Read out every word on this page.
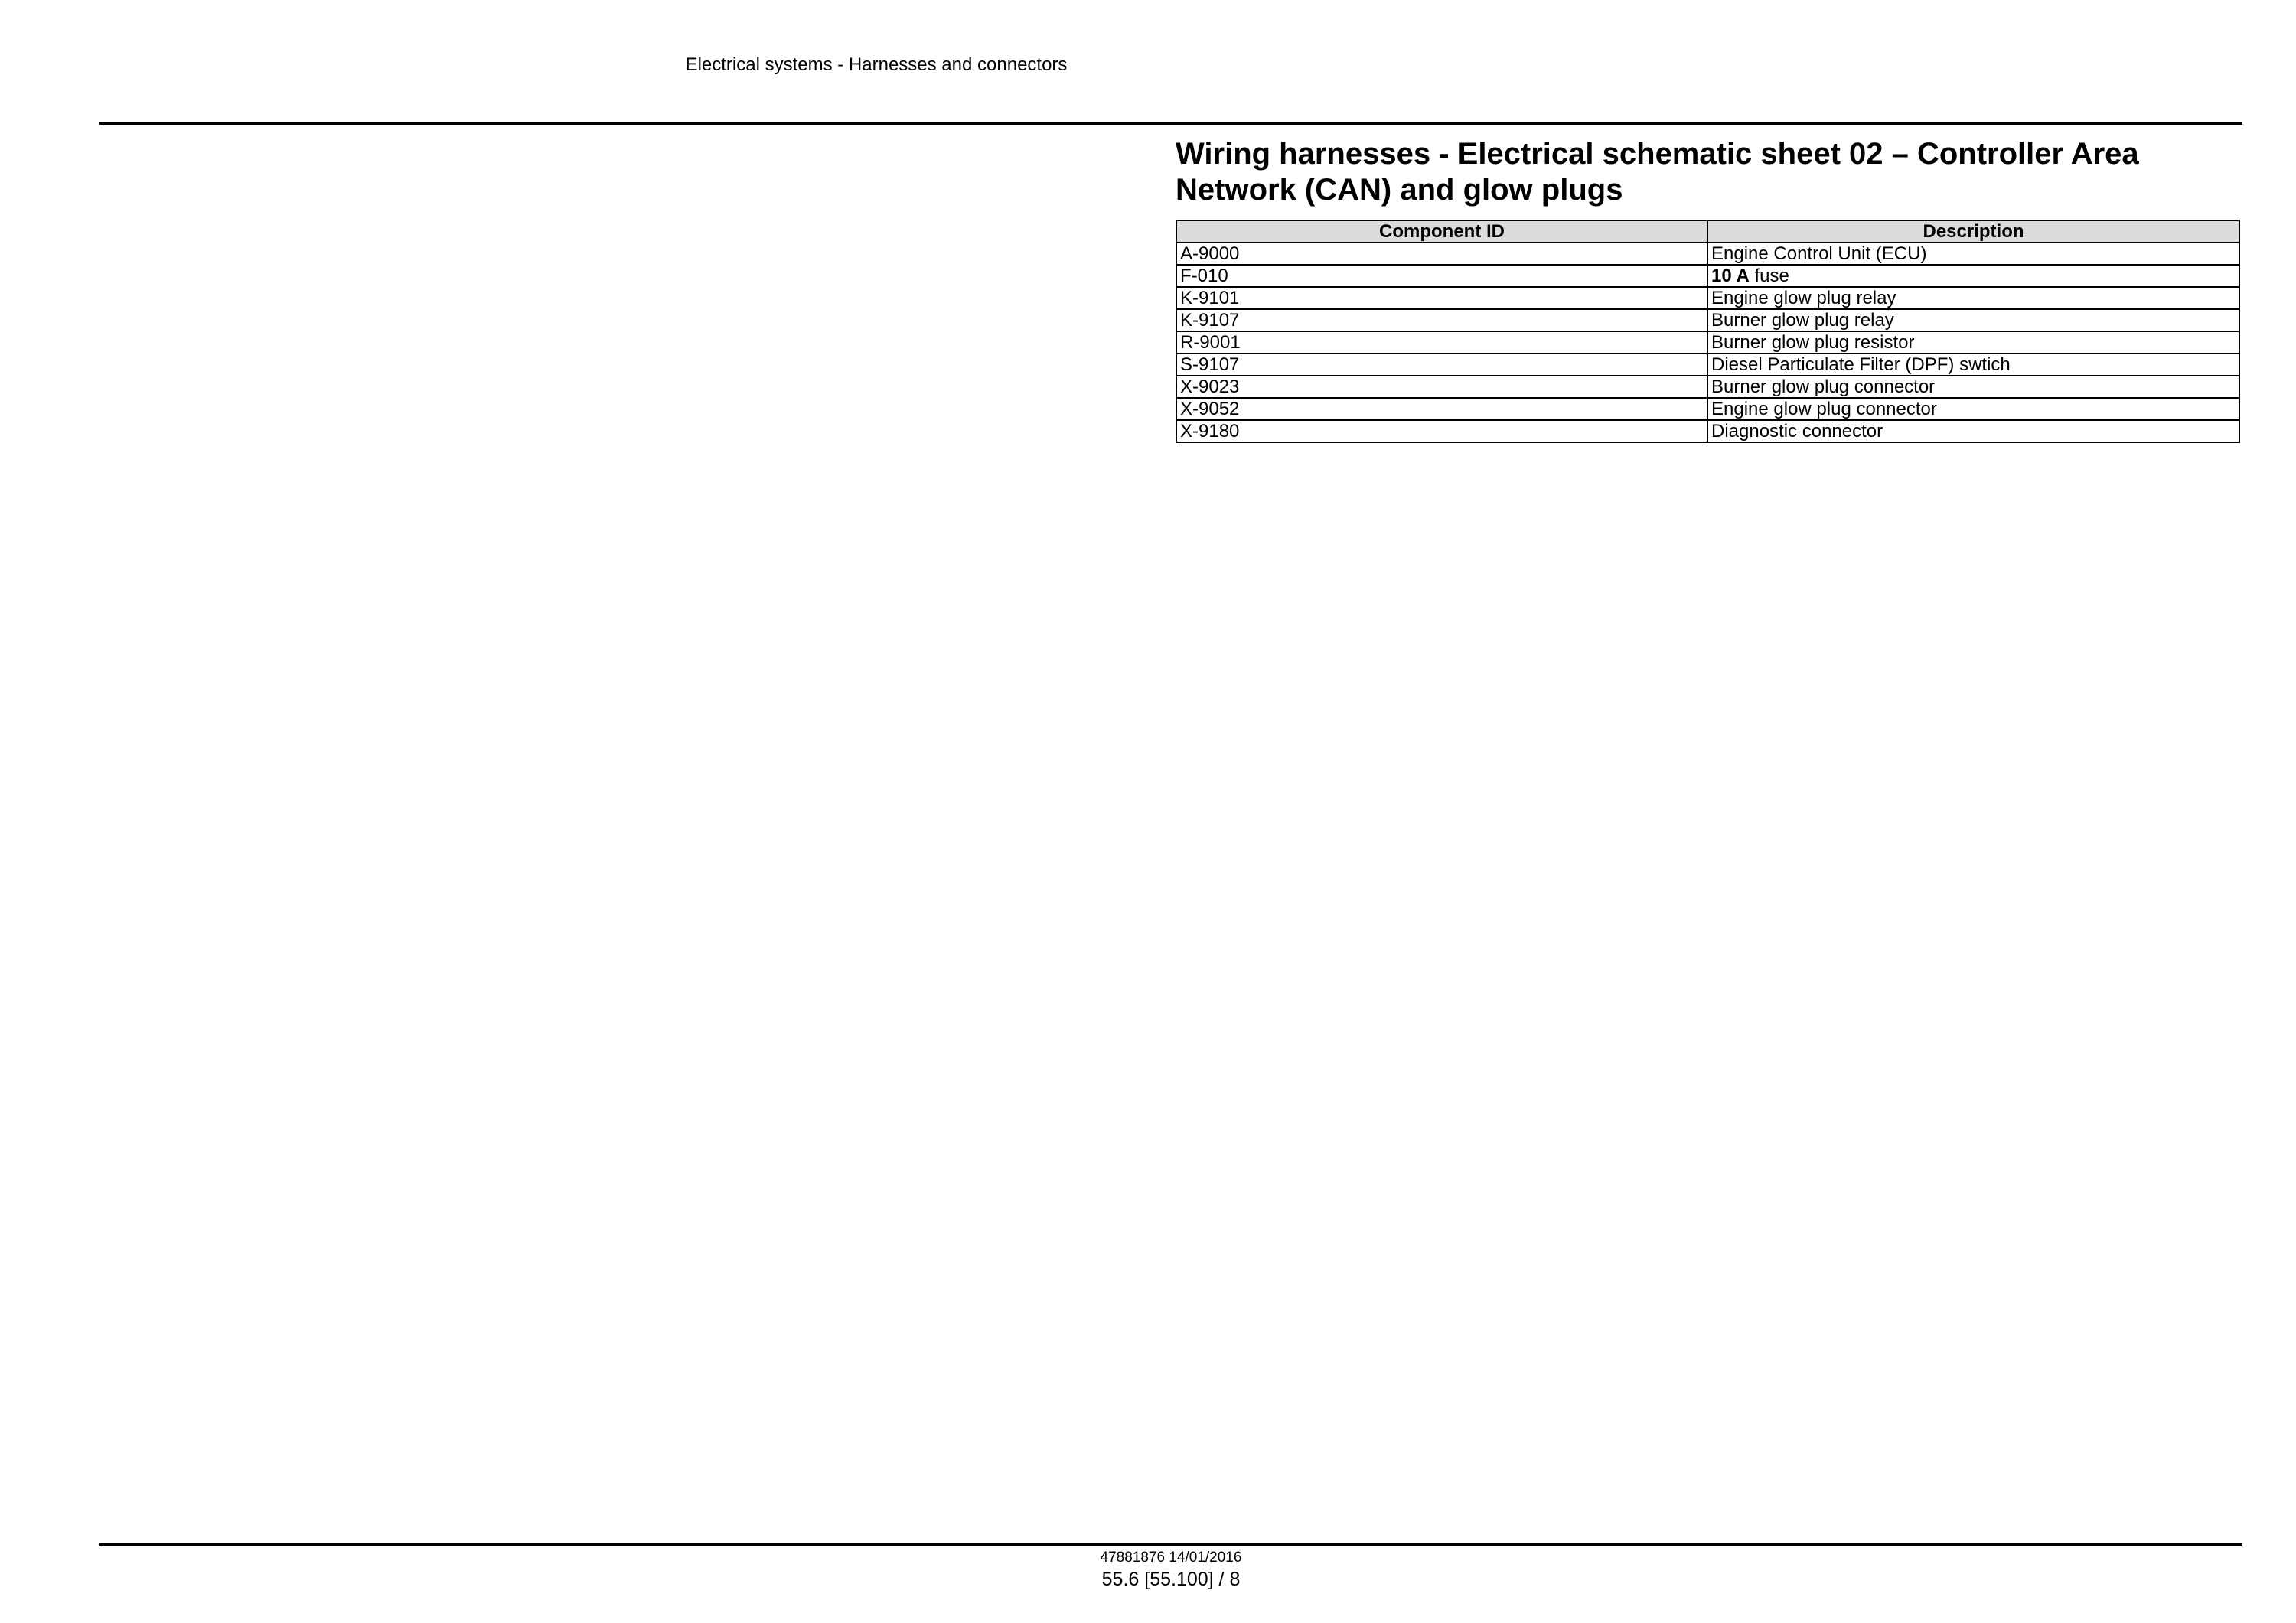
Electrical systems - Harnesses and connectors
Wiring harnesses - Electrical schematic sheet 02 – Controller Area Network (CAN) and glow plugs
Component ID	Description
A-9000	Engine Control Unit (ECU)
F-010	10 A fuse
K-9101	Engine glow plug relay
K-9107	Burner glow plug relay
R-9001	Burner glow plug resistor
S-9107	Diesel Particulate Filter (DPF) swtich
X-9023	Burner glow plug connector
X-9052	Engine glow plug connector
X-9180	Diagnostic connector
47881876 14/01/2016
55.6 [55.100] / 8
